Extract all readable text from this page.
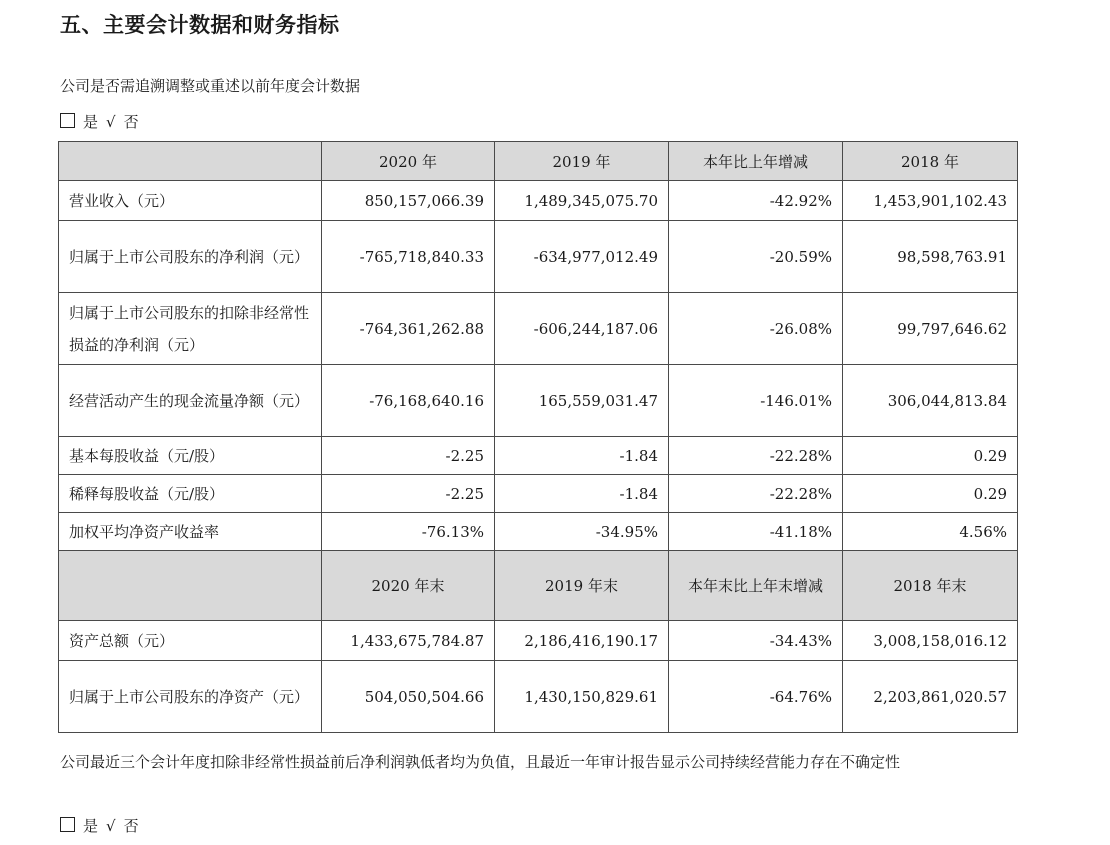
五、主要会计数据和财务指标
公司是否需追溯调整或重述以前年度会计数据
是 √ 否
	2020 年	2019 年	本年比上年增减	2018 年
营业收入（元）	850,157,066.39	1,489,345,075.70	-42.92%	1,453,901,102.43
归属于上市公司股东的净利润（元）	-765,718,840.33	-634,977,012.49	-20.59%	98,598,763.91
归属于上市公司股东的扣除非经常性损益的净利润（元）	-764,361,262.88	-606,244,187.06	-26.08%	99,797,646.62
经营活动产生的现金流量净额（元）	-76,168,640.16	165,559,031.47	-146.01%	306,044,813.84
基本每股收益（元/股）	-2.25	-1.84	-22.28%	0.29
稀释每股收益（元/股）	-2.25	-1.84	-22.28%	0.29
加权平均净资产收益率	-76.13%	-34.95%	-41.18%	4.56%
	2020 年末	2019 年末	本年末比上年末增减	2018 年末
资产总额（元）	1,433,675,784.87	2,186,416,190.17	-34.43%	3,008,158,016.12
归属于上市公司股东的净资产（元）	504,050,504.66	1,430,150,829.61	-64.76%	2,203,861,020.57
公司最近三个会计年度扣除非经常性损益前后净利润孰低者均为负值，且最近一年审计报告显示公司持续经营能力存在不确定性
是 √ 否
